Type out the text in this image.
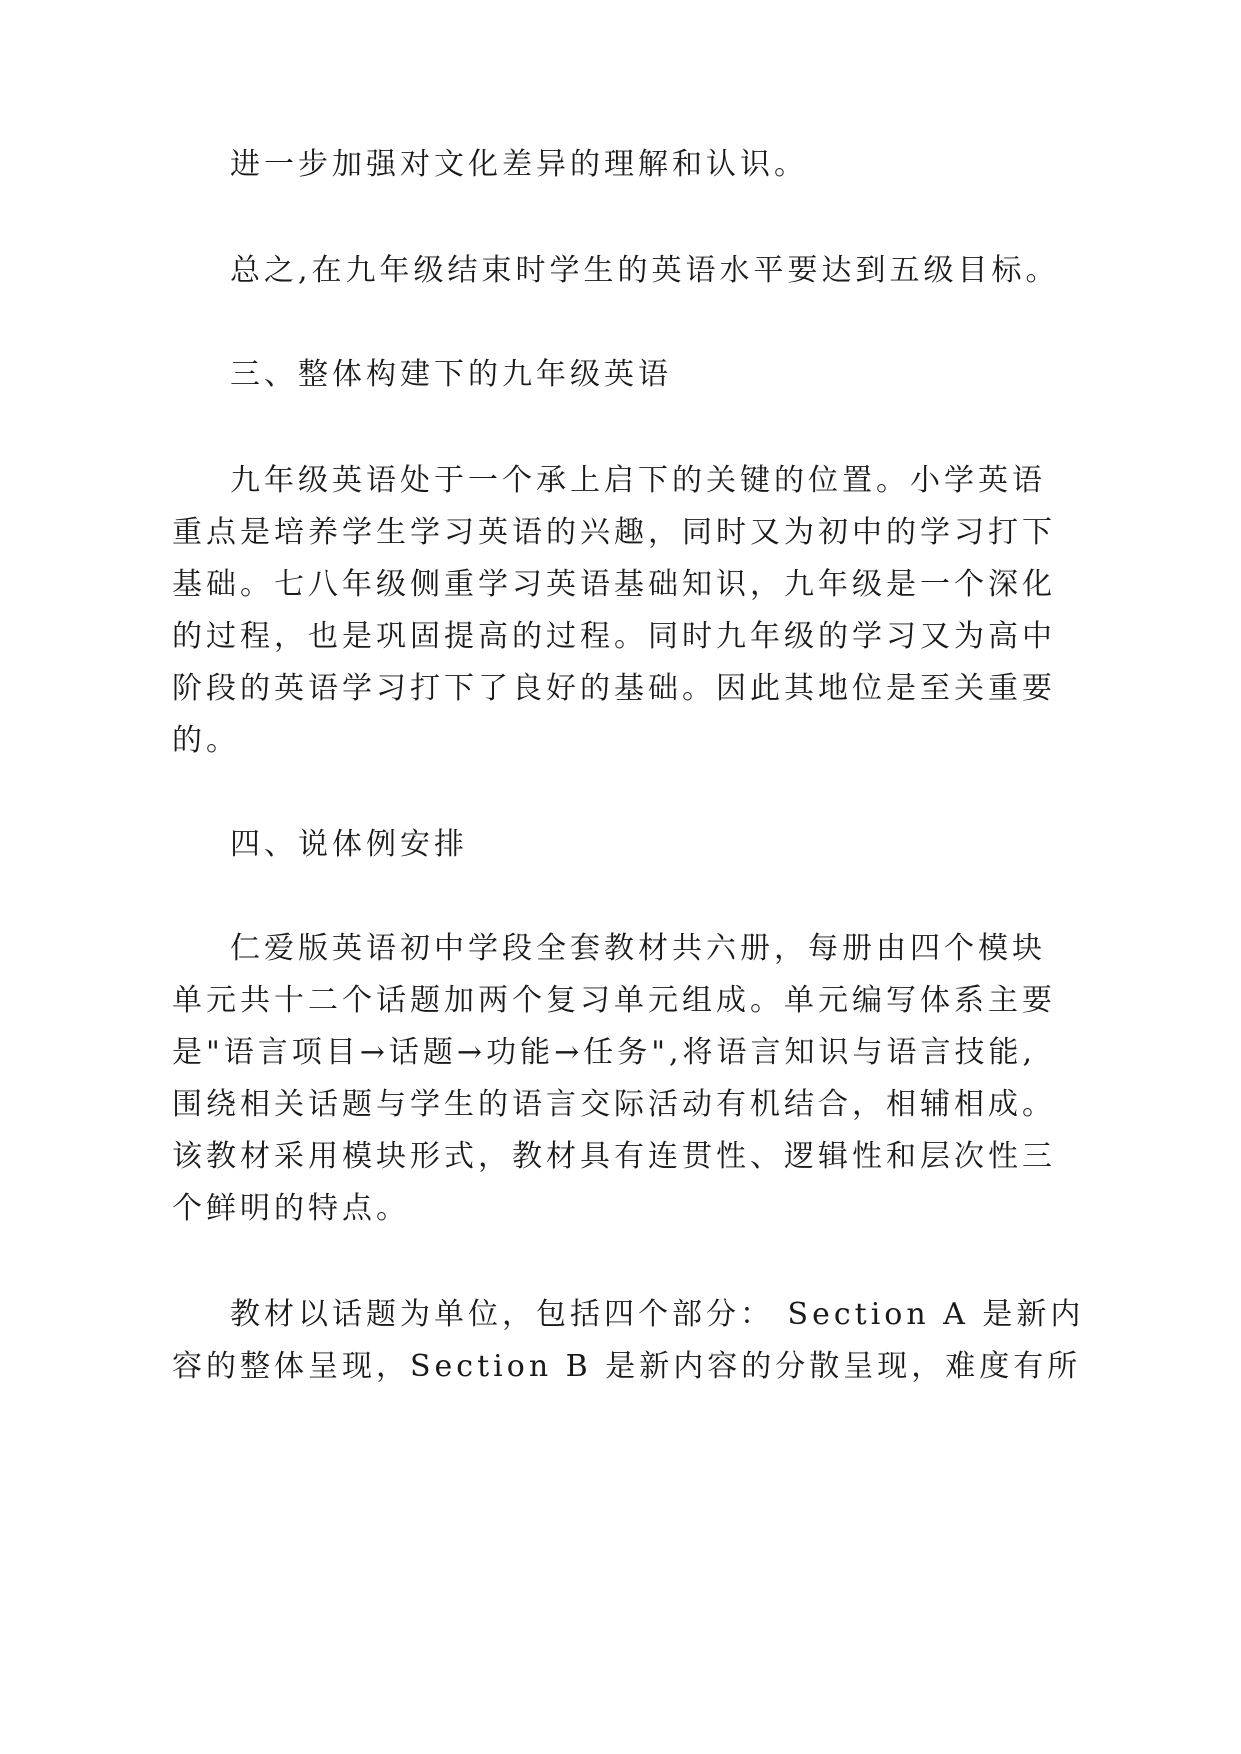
进一步加强对文化差异的理解和认识。
总之,在九年级结束时学生的英语水平要达到五级目标。
三、整体构建下的九年级英语
九年级英语处于一个承上启下的关键的位置。小学英语
重点是培养学生学习英语的兴趣，同时又为初中的学习打下
基础。七八年级侧重学习英语基础知识，九年级是一个深化
的过程，也是巩固提高的过程。同时九年级的学习又为高中
阶段的英语学习打下了良好的基础。因此其地位是至关重要
的。
四、说体例安排
仁爱版英语初中学段全套教材共六册，每册由四个模块
单元共十二个话题加两个复习单元组成。单元编写体系主要
是"语言项目→话题→功能→任务",将语言知识与语言技能,
围绕相关话题与学生的语言交际活动有机结合，相辅相成。
该教材采用模块形式，教材具有连贯性、逻辑性和层次性三
个鲜明的特点。
教材以话题为单位，包括四个部分： Section A 是新内
容的整体呈现，Section B 是新内容的分散呈现，难度有所
